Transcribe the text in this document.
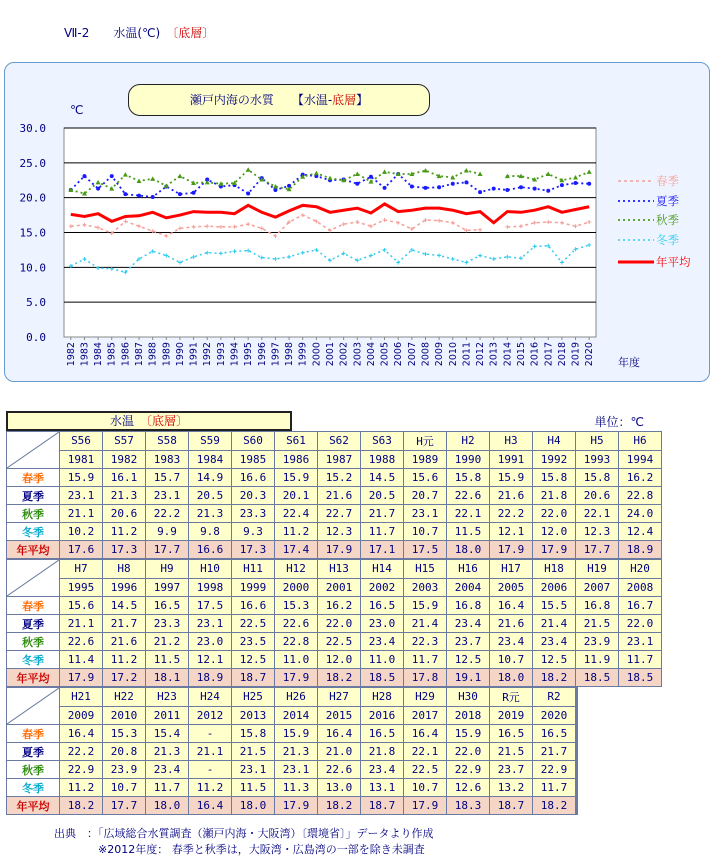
Ⅶ-2　　水温(℃)　〔底層〕
瀬戸内海の水質　　【水温-底層】
0.0
5.0
10.0
15.0
20.0
25.0
30.0
℃
1982 1983 1984 1985 1986 1987 1988 1989 1990 1991 1992 1993 1994 1995 1996 1997 1998 1999 2000 2001 2002 2003 2004 2005 2006 2007 2008 2009 2010 2011 2012 2013 2014 2015 2016 2017 2018 2019 2020 年度
春季
夏季
秋季
冬季
年平均
水温　〔底層〕	単位：℃
	S56	S57	S58	S59	S60	S61	S62	S63	H元	H2	H3	H4	H5	H6
	1981	1982	1983	1984	1985	1986	1987	1988	1989	1990	1991	1992	1993	1994
春季	15.9	16.1	15.7	14.9	16.6	15.9	15.2	14.5	15.6	15.8	15.9	15.8	15.8	16.2
夏季	23.1	21.3	23.1	20.5	20.3	20.1	21.6	20.5	20.7	22.6	21.6	21.8	20.6	22.8
秋季	21.1	20.6	22.2	21.3	23.3	22.4	22.7	21.7	23.1	22.1	22.2	22.0	22.1	24.0
冬季	10.2	11.2	9.9	9.8	9.3	11.2	12.3	11.7	10.7	11.5	12.1	12.0	12.3	12.4
年平均	17.6	17.3	17.7	16.6	17.3	17.4	17.9	17.1	17.5	18.0	17.9	17.9	17.7	18.9
	H7	H8	H9	H10	H11	H12	H13	H14	H15	H16	H17	H18	H19	H20
	1995	1996	1997	1998	1999	2000	2001	2002	2003	2004	2005	2006	2007	2008
春季	15.6	14.5	16.5	17.5	16.6	15.3	16.2	16.5	15.9	16.8	16.4	15.5	16.8	16.7
夏季	21.1	21.7	23.3	23.1	22.5	22.6	22.0	23.0	21.4	23.4	21.6	21.4	21.5	22.0
秋季	22.6	21.6	21.2	23.0	23.5	22.8	22.5	23.4	22.3	23.7	23.4	23.4	23.9	23.1
冬季	11.4	11.2	11.5	12.1	12.5	11.0	12.0	11.0	11.7	12.5	10.7	12.5	11.9	11.7
年平均	17.9	17.2	18.1	18.9	18.7	17.9	18.2	18.5	17.8	19.1	18.0	18.2	18.5	18.5
	H21	H22	H23	H24	H25	H26	H27	H28	H29	H30	R元	R2		
	2009	2010	2011	2012	2013	2014	2015	2016	2017	2018	2019	2020		
春季	16.4	15.3	15.4	-	15.8	15.9	16.4	16.5	16.4	15.9	16.5	16.5		
夏季	22.2	20.8	21.3	21.1	21.5	21.3	21.0	21.8	22.1	22.0	21.5	21.7		
秋季	22.9	23.9	23.4	-	23.1	23.1	22.6	23.4	22.5	22.9	23.7	22.9		
冬季	11.2	10.7	11.7	11.2	11.5	11.3	13.0	13.1	10.7	12.6	13.2	11.7		
年平均	18.2	17.7	18.0	16.4	18.0	17.9	18.2	18.7	17.9	18.3	18.7	18.2		
出典　：「広域総合水質調査（瀬戸内海・大阪湾）〔環境省〕」データより作成
　　　　※2012年度： 春季と秋季は，大阪湾・広島湾の一部を除き未調査
